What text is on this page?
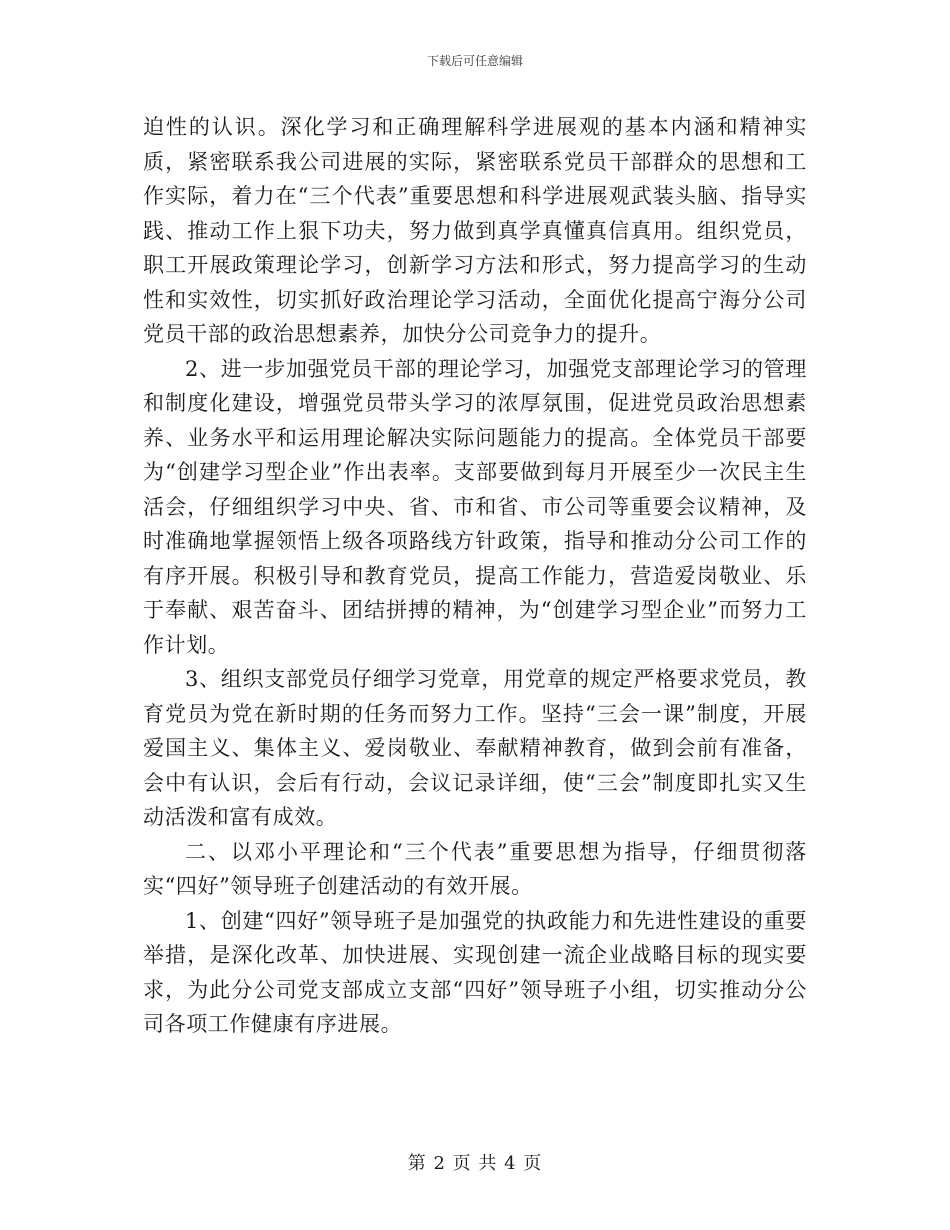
下载后可任意编辑

迫性的认识。深化学习和正确理解科学进展观的基本内涵和精神实质，紧密联系我公司进展的实际，紧密联系党员干部群众的思想和工作实际，着力在“三个代表”重要思想和科学进展观武装头脑、指导实践、推动工作上狠下功夫，努力做到真学真懂真信真用。组织党员，职工开展政策理论学习，创新学习方法和形式，努力提高学习的生动性和实效性，切实抓好政治理论学习活动，全面优化提高宁海分公司党员干部的政治思想素养，加快分公司竞争力的提升。

2、进一步加强党员干部的理论学习，加强党支部理论学习的管理和制度化建设，增强党员带头学习的浓厚氛围，促进党员政治思想素养、业务水平和运用理论解决实际问题能力的提高。全体党员干部要为“创建学习型企业”作出表率。支部要做到每月开展至少一次民主生活会，仔细组织学习中央、省、市和省、市公司等重要会议精神，及时准确地掌握领悟上级各项路线方针政策，指导和推动分公司工作的有序开展。积极引导和教育党员，提高工作能力，营造爱岗敬业、乐于奉献、艰苦奋斗、团结拼搏的精神，为“创建学习型企业”而努力工作计划。

3、组织支部党员仔细学习党章，用党章的规定严格要求党员，教育党员为党在新时期的任务而努力工作。坚持“三会一课”制度，开展爱国主义、集体主义、爱岗敬业、奉献精神教育，做到会前有准备，会中有认识，会后有行动，会议记录详细，使“三会”制度即扎实又生动活泼和富有成效。

二、以邓小平理论和“三个代表”重要思想为指导，仔细贯彻落实“四好”领导班子创建活动的有效开展。

1、创建“四好”领导班子是加强党的执政能力和先进性建设的重要举措，是深化改革、加快进展、实现创建一流企业战略目标的现实要求，为此分公司党支部成立支部“四好”领导班子小组，切实推动分公司各项工作健康有序进展。

第 2 页 共 4 页
